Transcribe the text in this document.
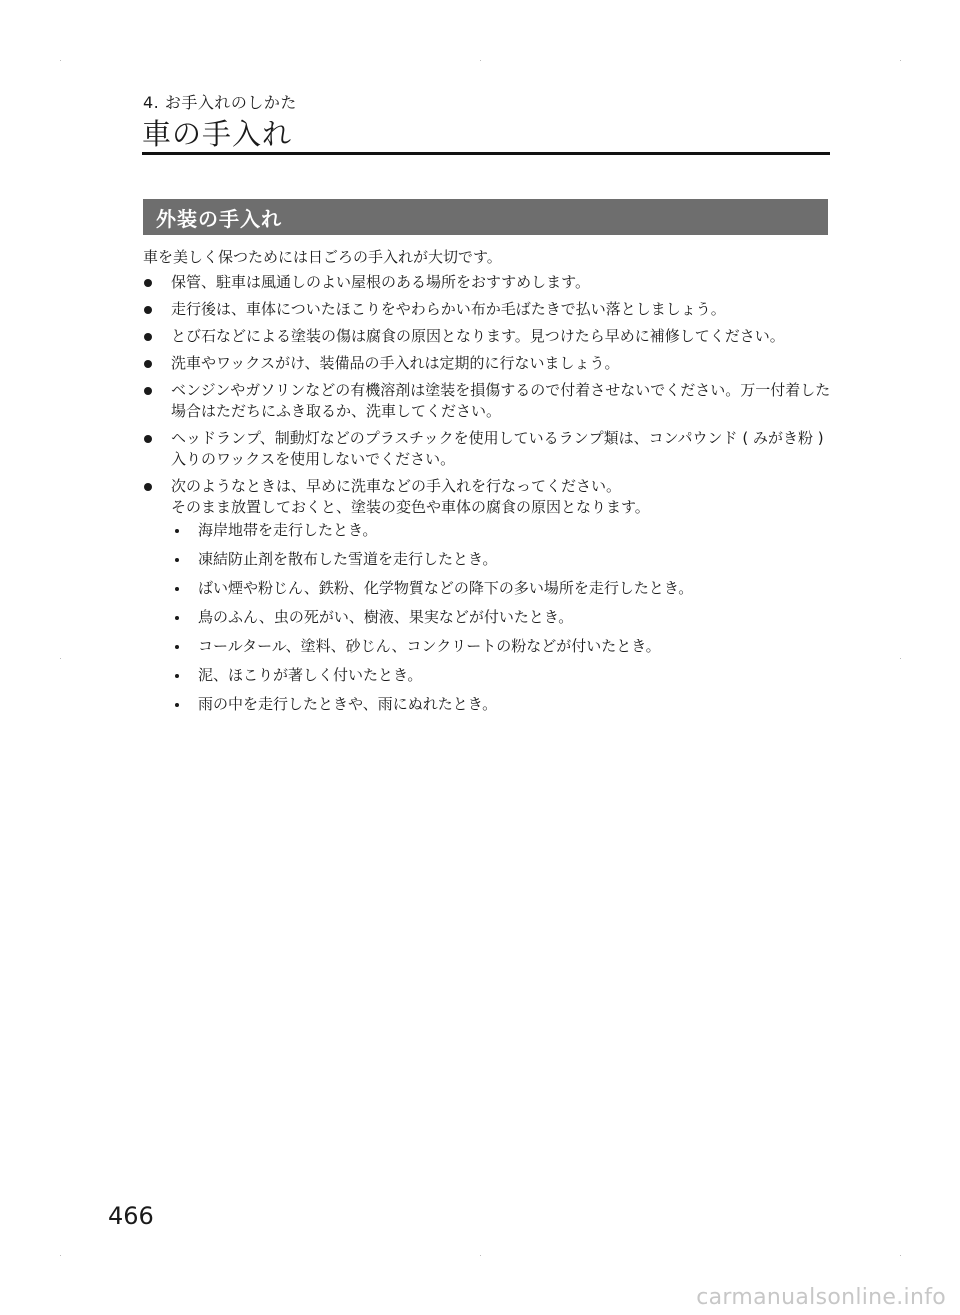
4. お手入れのしかた
車の手入れ
外装の手入れ
車を美しく保つためには日ごろの手入れが大切です。
保管、駐車は風通しのよい屋根のある場所をおすすめします。
走行後は、車体についたほこりをやわらかい布か毛ばたきで払い落としましょう。
とび石などによる塗装の傷は腐食の原因となります。見つけたら早めに補修してください。
洗車やワックスがけ、装備品の手入れは定期的に行ないましょう。
ベンジンやガソリンなどの有機溶剤は塗装を損傷するので付着させないでください。万一付着した場合はただちにふき取るか、洗車してください。
ヘッドランプ、制動灯などのプラスチックを使用しているランプ類は、コンパウンド ( みがき粉 ) 入りのワックスを使用しないでください。
次のようなときは、早めに洗車などの手入れを行なってください。
そのまま放置しておくと、塗装の変色や車体の腐食の原因となります。
海岸地帯を走行したとき。
凍結防止剤を散布した雪道を走行したとき。
ばい煙や粉じん、鉄粉、化学物質などの降下の多い場所を走行したとき。
鳥のふん、虫の死がい、樹液、果実などが付いたとき。
コールタール、塗料、砂じん、コンクリートの粉などが付いたとき。
泥、ほこりが著しく付いたとき。
雨の中を走行したときや、雨にぬれたとき。
466
carmanualsonline.info
